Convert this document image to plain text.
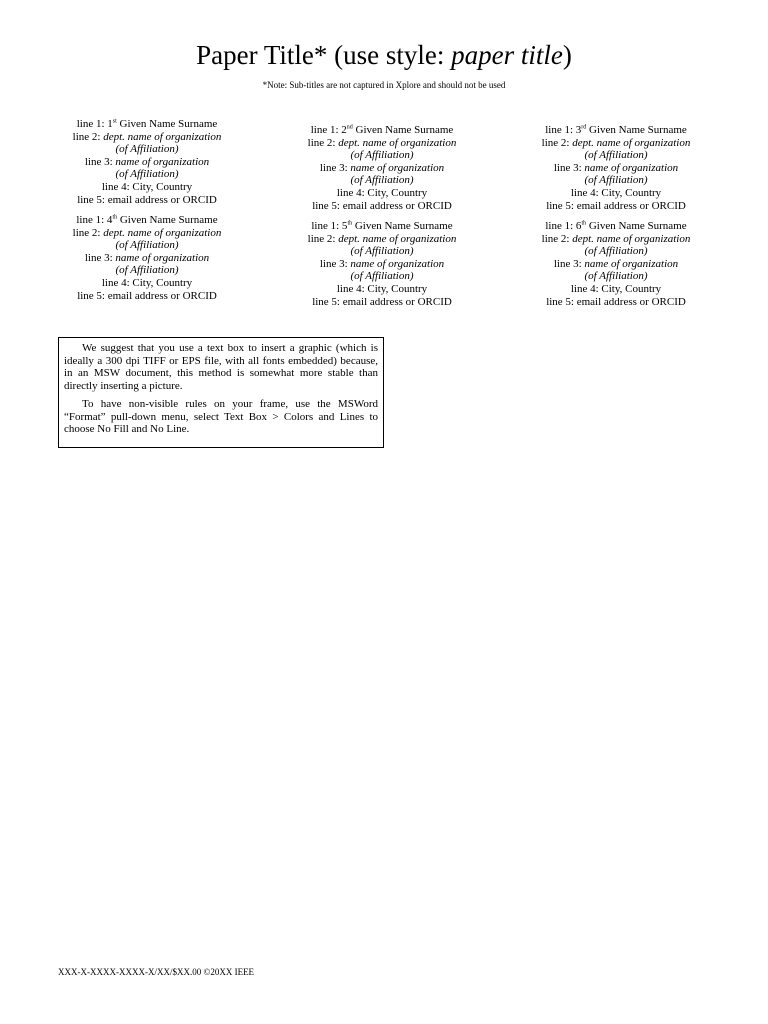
Paper Title* (use style: paper title)
*Note: Sub-titles are not captured in Xplore and should not be used
line 1: 1st Given Name Surname
line 2: dept. name of organization
(of Affiliation)
line 3: name of organization
(of Affiliation)
line 4: City, Country
line 5: email address or ORCID
line 1: 2nd Given Name Surname
line 2: dept. name of organization
(of Affiliation)
line 3: name of organization
(of Affiliation)
line 4: City, Country
line 5: email address or ORCID
line 1: 3rd Given Name Surname
line 2: dept. name of organization
(of Affiliation)
line 3: name of organization
(of Affiliation)
line 4: City, Country
line 5: email address or ORCID
line 1: 4th Given Name Surname
line 2: dept. name of organization
(of Affiliation)
line 3: name of organization
(of Affiliation)
line 4: City, Country
line 5: email address or ORCID
line 1: 5th Given Name Surname
line 2: dept. name of organization
(of Affiliation)
line 3: name of organization
(of Affiliation)
line 4: City, Country
line 5: email address or ORCID
line 1: 6th Given Name Surname
line 2: dept. name of organization
(of Affiliation)
line 3: name of organization
(of Affiliation)
line 4: City, Country
line 5: email address or ORCID

We suggest that you use a text box to insert a graphic (which is ideally a 300 dpi TIFF or EPS file, with all fonts embedded) because, in an MSW document, this method is somewhat more stable than directly inserting a picture.

To have non-visible rules on your frame, use the MSWord “Format” pull-down menu, select Text Box > Colors and Lines to choose No Fill and No Line.

XXX-X-XXXX-XXXX-X/XX/$XX.00 ©20XX IEEE
